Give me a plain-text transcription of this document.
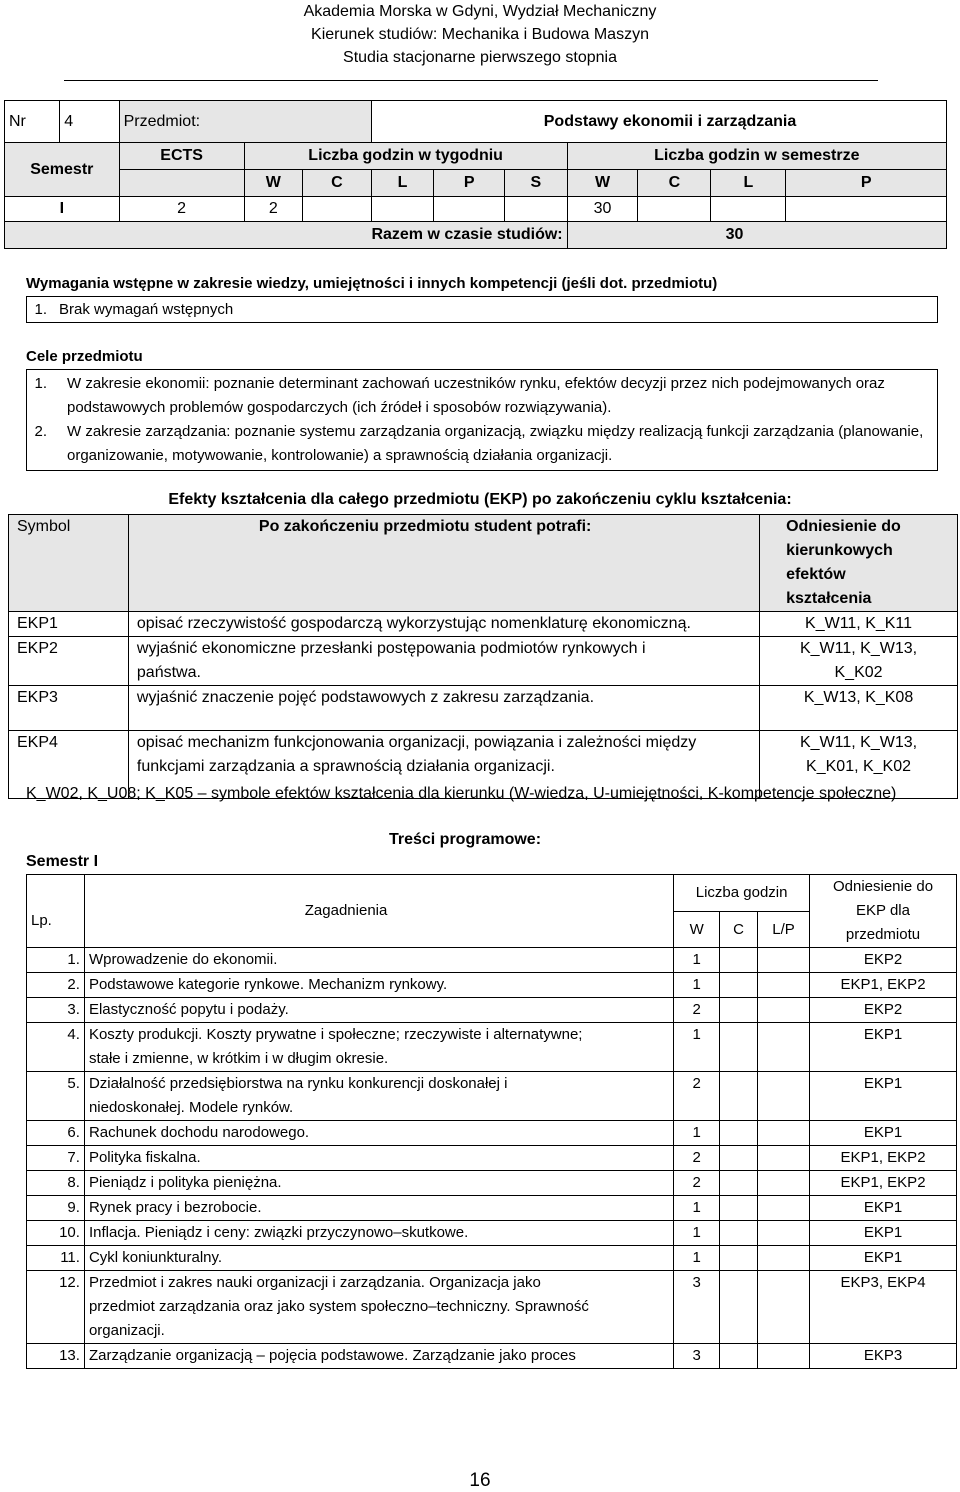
Akademia Morska w Gdyni, Wydział Mechaniczny
Kierunek studiów: Mechanika i Budowa Maszyn
Studia stacjonarne pierwszego stopnia
Nr	4	Przedmiot:			Podstawy ekonomii i zarządzania						
Semestr		ECTS	Liczba godzin w tygodniu					Liczba godzin w semestrze			
			W	C	L	P	S	W	C	L	P
I		2	2					30			
Razem w czasie studiów:								30			
Wymagania wstępne w zakresie wiedzy, umiejętności i innych kompetencji (jeśli dot. przedmiotu)
1. Brak wymagań wstępnych
Cele przedmiotu
1. W zakresie ekonomii: poznanie determinant zachowań uczestników rynku, efektów decyzji przez nich podejmowanych oraz podstawowych problemów gospodarczych (ich źródeł i sposobów rozwiązywania).
2. W zakresie zarządzania: poznanie systemu zarządzania organizacją, związku między realizacją funkcji zarządzania (planowanie, organizowanie, motywowanie, kontrolowanie) a sprawnością działania organizacji.
Efekty kształcenia dla całego przedmiotu (EKP) po zakończeniu cyklu kształcenia:
Symbol	Po zakończeniu przedmiotu student potrafi:	Odniesienie do kierunkowych efektów kształcenia
EKP1	opisać rzeczywistość gospodarczą wykorzystując nomenklaturę ekonomiczną.	K_W11, K_K11
EKP2	wyjaśnić ekonomiczne przesłanki postępowania podmiotów rynkowych i państwa.	K_W11, K_W13, K_K02
EKP3	wyjaśnić znaczenie pojęć podstawowych z zakresu zarządzania.	K_W13, K_K08
EKP4	opisać mechanizm funkcjonowania organizacji, powiązania i zależności między funkcjami zarządzania a sprawnością działania organizacji.	K_W11, K_W13, K_K01, K_K02
K_W02, K_U08; K_K05 – symbole efektów kształcenia dla kierunku (W-wiedza, U-umiejętności, K-kompetencje społeczne)
Treści programowe:
Semestr I
Lp.	Zagadnienia	Liczba godzin			Odniesienie do EKP dla przedmiotu
		W	C	L/P	
1.	Wprowadzenie do ekonomii.	1			EKP2
2.	Podstawowe kategorie rynkowe. Mechanizm rynkowy.	1			EKP1, EKP2
3.	Elastyczność popytu i podaży.	2			EKP2
4.	Koszty produkcji. Koszty prywatne i społeczne; rzeczywiste i alternatywne; stałe i zmienne, w krótkim i w długim okresie.	1			EKP1
5.	Działalność przedsiębiorstwa na rynku konkurencji doskonałej i niedoskonałej. Modele rynków.	2			EKP1
6.	Rachunek dochodu narodowego.	1			EKP1
7.	Polityka fiskalna.	2			EKP1, EKP2
8.	Pieniądz i polityka pieniężna.	2			EKP1, EKP2
9.	Rynek pracy i bezrobocie.	1			EKP1
10.	Inflacja. Pieniądz i ceny: związki przyczynowo–skutkowe.	1			EKP1
11.	Cykl koniunkturalny.	1			EKP1
12.	Przedmiot i zakres nauki organizacji i zarządzania. Organizacja jako przedmiot zarządzania oraz jako system społeczno–techniczny. Sprawność organizacji.	3			EKP3, EKP4
13.	Zarządzanie organizacją – pojęcia podstawowe. Zarządzanie jako proces	3			EKP3
16
